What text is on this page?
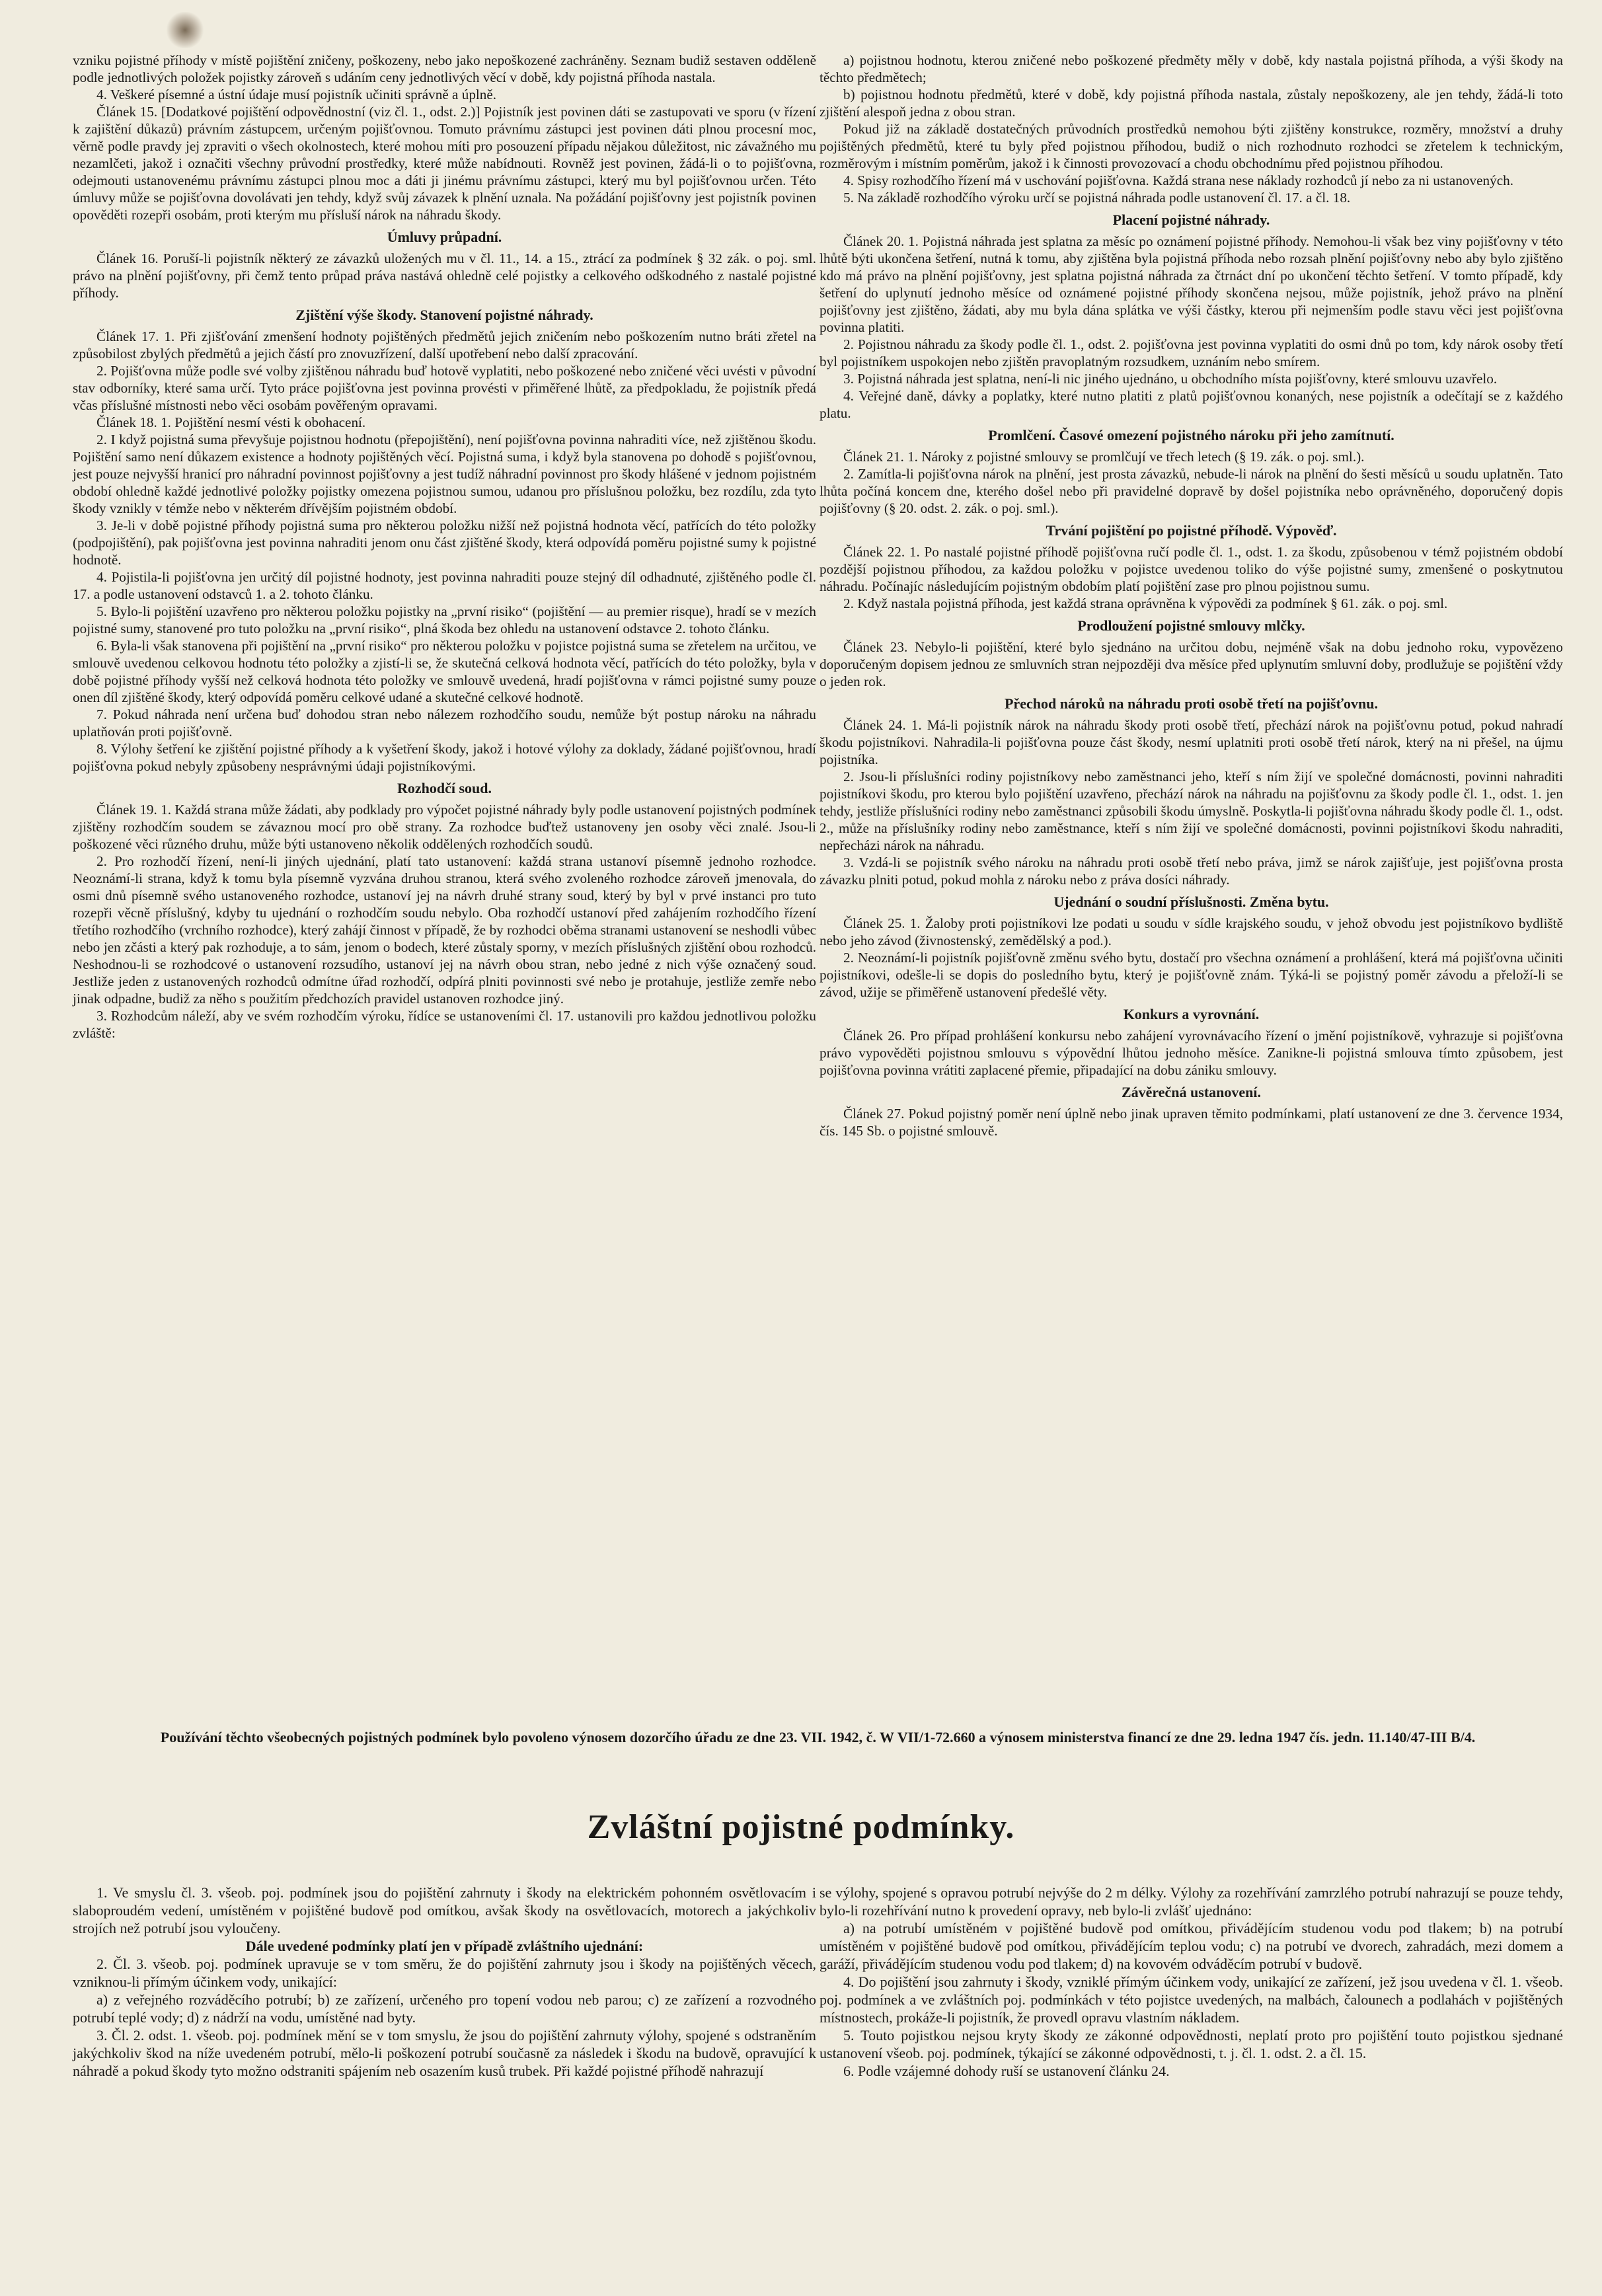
vzniku pojistné příhody v místě pojištění zničeny, poškozeny, nebo jako nepoškozené zachráněny. Seznam budiž sestaven odděleně podle jednotlivých položek pojistky zároveň s udáním ceny jednotlivých věcí v době, kdy pojistná příhoda nastala.

4. Veškeré písemné a ústní údaje musí pojistník učiniti správně a úplně.

Článek 15. [Dodatkové pojištění odpovědnostní (viz čl. 1., odst. 2.)] Pojistník jest povinen dáti se zastupovati ve sporu (v řízení k zajištění důkazů) právním zástupcem, určeným pojišťovnou. Tomuto právnímu zástupci jest povinen dáti plnou procesní moc, věrně podle pravdy jej zpraviti o všech okolnostech, které mohou míti pro posouzení případu nějakou důležitost, nic závažného mu nezamlčeti, jakož i označiti všechny průvodní prostředky, které může nabídnouti. Rovněž jest povinen, žádá-li o to pojišťovna, odejmouti ustanovenému právnímu zástupci plnou moc a dáti ji jinému právnímu zástupci, který mu byl pojišťovnou určen. Této úmluvy může se pojišťovna dovolávati jen tehdy, když svůj závazek k plnění uznala. Na požádání pojišťovny jest pojistník povinen opověděti rozepři osobám, proti kterým mu přísluší nárok na náhradu škody.

Úmluvy průpadní.

Článek 16. Poruší-li pojistník některý ze závazků uložených mu v čl. 11., 14. a 15., ztrácí za podmínek § 32 zák. o poj. sml. právo na plnění pojišťovny, při čemž tento průpad práva nastává ohledně celé pojistky a celkového odškodného z nastalé pojistné příhody.

Zjištění výše škody. Stanovení pojistné náhrady.

Článek 17. 1. Při zjišťování zmenšení hodnoty pojištěných předmětů jejich zničením nebo poškozením nutno bráti zřetel na způsobilost zbylých předmětů a jejich částí pro znovuzřízení, další upotřebení nebo další zpracování.

2. Pojišťovna může podle své volby zjištěnou náhradu buď hotově vyplatiti, nebo poškozené nebo zničené věci uvésti v původní stav odborníky, které sama určí. Tyto práce pojišťovna jest povinna provésti v přiměřené lhůtě, za předpokladu, že pojistník předá včas příslušné místnosti nebo věci osobám pověřeným opravami.

Článek 18. 1. Pojištění nesmí vésti k obohacení.

2. I když pojistná suma převyšuje pojistnou hodnotu (přepojištění), není pojišťovna povinna nahraditi více, než zjištěnou škodu. Pojištění samo není důkazem existence a hodnoty pojištěných věcí. Pojistná suma, i když byla stanovena po dohodě s pojišťovnou, jest pouze nejvyšší hranicí pro náhradní povinnost pojišťovny a jest tudíž náhradní povinnost pro škody hlášené v jednom pojistném období ohledně každé jednotlivé položky pojistky omezena pojistnou sumou, udanou pro příslušnou položku, bez rozdílu, zda tyto škody vznikly v témže nebo v některém dřívějším pojistném období.

3. Je-li v době pojistné příhody pojistná suma pro některou položku nižší než pojistná hodnota věcí, patřících do této položky (podpojištění), pak pojišťovna jest povinna nahraditi jenom onu část zjištěné škody, která odpovídá poměru pojistné sumy k pojistné hodnotě.

4. Pojistila-li pojišťovna jen určitý díl pojistné hodnoty, jest povinna nahraditi pouze stejný díl odhadnuté, zjištěného podle čl. 17. a podle ustanovení odstavců 1. a 2. tohoto článku.

5. Bylo-li pojištění uzavřeno pro některou položku pojistky na „první risiko“ (pojištění — au premier risque), hradí se v mezích pojistné sumy, stanovené pro tuto položku na „první risiko“, plná škoda bez ohledu na ustanovení odstavce 2. tohoto článku.

6. Byla-li však stanovena při pojištění na „první risiko“ pro některou položku v pojistce pojistná suma se zřetelem na určitou, ve smlouvě uvedenou celkovou hodnotu této položky a zjistí-li se, že skutečná celková hodnota věcí, patřících do této položky, byla v době pojistné příhody vyšší než celková hodnota této položky ve smlouvě uvedená, hradí pojišťovna v rámci pojistné sumy pouze onen díl zjištěné škody, který odpovídá poměru celkové udané a skutečné celkové hodnotě.

7. Pokud náhrada není určena buď dohodou stran nebo nálezem rozhodčího soudu, nemůže být postup nároku na náhradu uplatňován proti pojišťovně.

8. Výlohy šetření ke zjištění pojistné příhody a k vyšetření škody, jakož i hotové výlohy za doklady, žádané pojišťovnou, hradí pojišťovna pokud nebyly způsobeny nesprávnými údaji pojistníkovými.

Rozhodčí soud.

Článek 19. 1. Každá strana může žádati, aby podklady pro výpočet pojistné náhrady byly podle ustanovení pojistných podmínek zjištěny rozhodčím soudem se závaznou mocí pro obě strany. Za rozhodce buďtež ustanoveny jen osoby věci znalé. Jsou-li poškozené věci různého druhu, může býti ustanoveno několik oddělených rozhodčích soudů.

2. Pro rozhodčí řízení, není-li jiných ujednání, platí tato ustanovení: každá strana ustanoví písemně jednoho rozhodce. Neoznámí-li strana, když k tomu byla písemně vyzvána druhou stranou, která svého zvoleného rozhodce zároveň jmenovala, do osmi dnů písemně svého ustanoveného rozhodce, ustanoví jej na návrh druhé strany soud, který by byl v prvé instanci pro tuto rozepři věcně příslušný, kdyby tu ujednání o rozhodčím soudu nebylo. Oba rozhodčí ustanoví před zahájením rozhodčího řízení třetího rozhodčího (vrchního rozhodce), který zahájí činnost v případě, že by rozhodci oběma stranami ustanovení se neshodli vůbec nebo jen zčásti a který pak rozhoduje, a to sám, jenom o bodech, které zůstaly sporny, v mezích příslušných zjištění obou rozhodců. Neshodnou-li se rozhodcové o ustanovení rozsudího, ustanoví jej na návrh obou stran, nebo jedné z nich výše označený soud. Jestliže jeden z ustanovených rozhodců odmítne úřad rozhodčí, odpírá plniti povinnosti své nebo je protahuje, jestliže zemře nebo jinak odpadne, budiž za něho s použitím předchozích pravidel ustanoven rozhodce jiný.

3. Rozhodcům náleží, aby ve svém rozhodčím výroku, řídíce se ustanoveními čl. 17. ustanovili pro každou jednotlivou položku zvláště:

a) pojistnou hodnotu, kterou zničené nebo poškozené předměty měly v době, kdy nastala pojistná příhoda, a výši škody na těchto předmětech;

b) pojistnou hodnotu předmětů, které v době, kdy pojistná příhoda nastala, zůstaly nepoškozeny, ale jen tehdy, žádá-li toto zjištění alespoň jedna z obou stran.

Pokud již na základě dostatečných průvodních prostředků nemohou býti zjištěny konstrukce, rozměry, množství a druhy pojištěných předmětů, které tu byly před pojistnou příhodou, budiž o nich rozhodnuto rozhodci se zřetelem k technickým, rozměrovým i místním poměrům, jakož i k činnosti provozovací a chodu obchodnímu před pojistnou příhodou.

4. Spisy rozhodčího řízení má v uschování pojišťovna. Každá strana nese náklady rozhodců jí nebo za ni ustanovených.

5. Na základě rozhodčího výroku určí se pojistná náhrada podle ustanovení čl. 17. a čl. 18.

Placení pojistné náhrady.

Článek 20. 1. Pojistná náhrada jest splatna za měsíc po oznámení pojistné příhody. Nemohou-li však bez viny pojišťovny v této lhůtě býti ukončena šetření, nutná k tomu, aby zjištěna byla pojistná příhoda nebo rozsah plnění pojišťovny nebo aby bylo zjištěno kdo má právo na plnění pojišťovny, jest splatna pojistná náhrada za čtrnáct dní po ukončení těchto šetření. V tomto případě, kdy šetření do uplynutí jednoho měsíce od oznámené pojistné příhody skončena nejsou, může pojistník, jehož právo na plnění pojišťovny jest zjištěno, žádati, aby mu byla dána splátka ve výši částky, kterou při nejmenším podle stavu věci jest pojišťovna povinna platiti.

2. Pojistnou náhradu za škody podle čl. 1., odst. 2. pojišťovna jest povinna vyplatiti do osmi dnů po tom, kdy nárok osoby třetí byl pojistníkem uspokojen nebo zjištěn pravoplatným rozsudkem, uznáním nebo smírem.

3. Pojistná náhrada jest splatna, není-li nic jiného ujednáno, u obchodního místa pojišťovny, které smlouvu uzavřelo.

4. Veřejné daně, dávky a poplatky, které nutno platiti z platů pojišťovnou konaných, nese pojistník a odečítají se z každého platu.

Promlčení. Časové omezení pojistného nároku při jeho zamítnutí.

Článek 21. 1. Nároky z pojistné smlouvy se promlčují ve třech letech (§ 19. zák. o poj. sml.).

2. Zamítla-li pojišťovna nárok na plnění, jest prosta závazků, nebude-li nárok na plnění do šesti měsíců u soudu uplatněn. Tato lhůta počíná koncem dne, kterého došel nebo při pravidelné dopravě by došel pojistníka nebo oprávněného, doporučený dopis pojišťovny (§ 20. odst. 2. zák. o poj. sml.).

Trvání pojištění po pojistné příhodě. Výpověď.

Článek 22. 1. Po nastalé pojistné příhodě pojišťovna ručí podle čl. 1., odst. 1. za škodu, způsobenou v témž pojistném období pozdější pojistnou příhodou, za každou položku v pojistce uvedenou toliko do výše pojistné sumy, zmenšené o poskytnutou náhradu. Počínajíc následujícím pojistným obdobím platí pojištění zase pro plnou pojistnou sumu.

2. Když nastala pojistná příhoda, jest každá strana oprávněna k výpovědi za podmínek § 61. zák. o poj. sml.

Prodloužení pojistné smlouvy mlčky.

Článek 23. Nebylo-li pojištění, které bylo sjednáno na určitou dobu, nejméně však na dobu jednoho roku, vypovězeno doporučeným dopisem jednou ze smluvních stran nejpozději dva měsíce před uplynutím smluvní doby, prodlužuje se pojištění vždy o jeden rok.

Přechod nároků na náhradu proti osobě třetí na pojišťovnu.

Článek 24. 1. Má-li pojistník nárok na náhradu škody proti osobě třetí, přechází nárok na pojišťovnu potud, pokud nahradí škodu pojistníkovi. Nahradila-li pojišťovna pouze část škody, nesmí uplatniti proti osobě třetí nárok, který na ni přešel, na újmu pojistníka.

2. Jsou-li příslušníci rodiny pojistníkovy nebo zaměstnanci jeho, kteří s ním žijí ve společné domácnosti, povinni nahraditi pojistníkovi škodu, pro kterou bylo pojištění uzavřeno, přechází nárok na náhradu na pojišťovnu za škody podle čl. 1., odst. 1. jen tehdy, jestliže příslušníci rodiny nebo zaměstnanci způsobili škodu úmyslně. Poskytla-li pojišťovna náhradu škody podle čl. 1., odst. 2., může na příslušníky rodiny nebo zaměstnance, kteří s ním žijí ve společné domácnosti, povinni pojistníkovi škodu nahraditi, nepřecházi nárok na náhradu.

3. Vzdá-li se pojistník svého nároku na náhradu proti osobě třetí nebo práva, jimž se nárok zajišťuje, jest pojišťovna prosta závazku plniti potud, pokud mohla z nároku nebo z práva dosíci náhrady.

Ujednání o soudní příslušnosti. Změna bytu.

Článek 25. 1. Žaloby proti pojistníkovi lze podati u soudu v sídle krajského soudu, v jehož obvodu jest pojistníkovo bydliště nebo jeho závod (živnostenský, zemědělský a pod.).

2. Neoznámí-li pojistník pojišťovně změnu svého bytu, dostačí pro všechna oznámení a prohlášení, která má pojišťovna učiniti pojistníkovi, odešle-li se dopis do posledního bytu, který je pojišťovně znám. Týká-li se pojistný poměr závodu a přeloží-li se závod, užije se přiměřeně ustanovení předešlé věty.

Konkurs a vyrovnání.

Článek 26. Pro případ prohlášení konkursu nebo zahájení vyrovnávacího řízení o jmění pojistníkově, vyhrazuje si pojišťovna právo vypověděti pojistnou smlouvu s výpovědní lhůtou jednoho měsíce. Zanikne-li pojistná smlouva tímto způsobem, jest pojišťovna povinna vrátiti zaplacené přemie, připadající na dobu zániku smlouvy.

Závěrečná ustanovení.

Článek 27. Pokud pojistný poměr není úplně nebo jinak upraven těmito podmínkami, platí ustanovení ze dne 3. července 1934, čís. 145 Sb. o pojistné smlouvě.

Používání těchto všeobecných pojistných podmínek bylo povoleno výnosem dozorčího úřadu ze dne 23. VII. 1942, č. W VII/1-72.660 a výnosem ministerstva financí ze dne 29. ledna 1947 čís. jedn. 11.140/47-III B/4.
Zvláštní pojistné podmínky.

1. Ve smyslu čl. 3. všeob. poj. podmínek jsou do pojištění zahrnuty i škody na elektrickém pohonném osvětlovacím i slaboproudém vedení, umístěném v pojištěné budově pod omítkou, avšak škody na osvětlovacích, motorech a jakýchkoliv strojích než potrubí jsou vyloučeny.

Dále uvedené podmínky platí jen v případě zvláštního ujednání:

2. Čl. 3. všeob. poj. podmínek upravuje se v tom směru, že do pojištění zahrnuty jsou i škody na pojištěných věcech, vzniknou-li přímým účinkem vody, unikající:

a) z veřejného rozváděcího potrubí; b) ze zařízení, určeného pro topení vodou neb parou; c) ze zařízení a rozvodného potrubí teplé vody; d) z nádrží na vodu, umístěné nad byty.

3. Čl. 2. odst. 1. všeob. poj. podmínek mění se v tom smyslu, že jsou do pojištění zahrnuty výlohy, spojené s odstraněním jakýchkoliv škod na níže uvedeném potrubí, mělo-li poškození potrubí současně za následek i škodu na budově, opravující k náhradě a pokud škody tyto možno odstraniti spájením neb osazením kusů trubek. Při každé pojistné příhodě nahrazují

se výlohy, spojené s opravou potrubí nejvýše do 2 m délky. Výlohy za rozehřívání zamrzlého potrubí nahrazují se pouze tehdy, bylo-li rozehřívání nutno k provedení opravy, neb bylo-li zvlášť ujednáno:

a) na potrubí umístěném v pojištěné budově pod omítkou, přivádějícím studenou vodu pod tlakem; b) na potrubí umístěném v pojištěné budově pod omítkou, přivádějícím teplou vodu; c) na potrubí ve dvorech, zahradách, mezi domem a garáží, přivádějícím studenou vodu pod tlakem; d) na kovovém odváděcím potrubí v budově.

4. Do pojištění jsou zahrnuty i škody, vzniklé přímým účinkem vody, unikající ze zařízení, jež jsou uvedena v čl. 1. všeob. poj. podmínek a ve zvláštních poj. podmínkách v této pojistce uvedených, na malbách, čalounech a podlahách v pojištěných místnostech, prokáže-li pojistník, že provedl opravu vlastním nákladem.

5. Touto pojistkou nejsou kryty škody ze zákonné odpovědnosti, neplatí proto pro pojištění touto pojistkou sjednané ustanovení všeob. poj. podmínek, týkající se zákonné odpovědnosti, t. j. čl. 1. odst. 2. a čl. 15.

6. Podle vzájemné dohody ruší se ustanovení článku 24.
